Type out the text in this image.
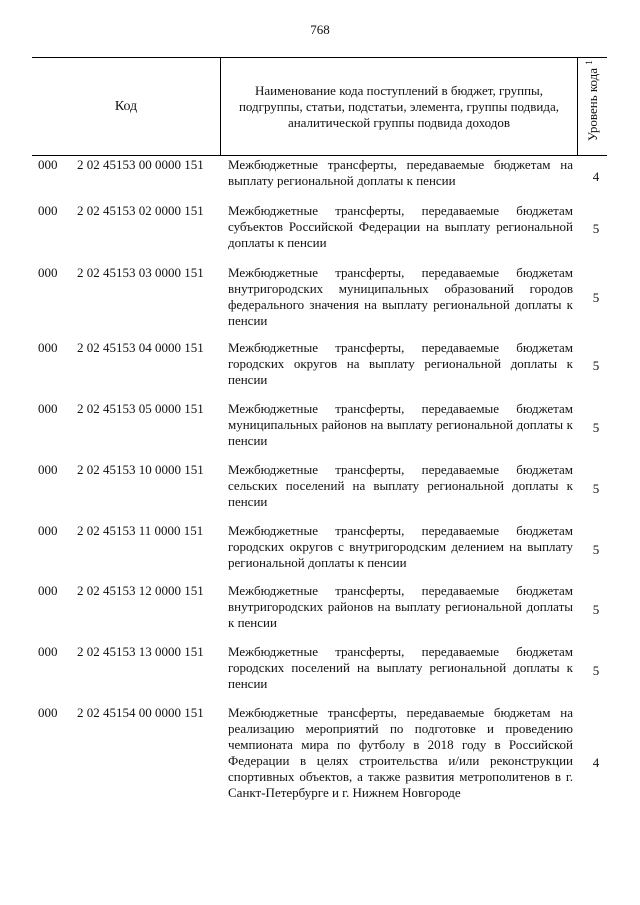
768
Код
Наименование кода поступлений в бюджет, группы, подгруппы, статьи, подстатьи, элемента, группы подвида, аналитической группы подвида доходов	Уровень кода $^1$
000 2 02 45153 00 0000 151 Межбюджетные трансферты, передаваемые бюджетам на выплату региональной доплаты к пенсии	4
000 2 02 45153 02 0000 151 Межбюджетные трансферты, передаваемые бюджетам субъектов Российской Федерации на выплату региональной доплаты к пенсии
5
000 2 02 45153 03 0000 151 Межбюджетные трансферты, передаваемые бюджетам внутригородских муниципальных образований городов федерального значения на выплату региональной доплаты к пенсии
5
000 2 02 45153 04 0000 151 Межбюджетные трансферты, передаваемые бюджетам городских округов на выплату региональной доплаты к пенсии
5
000 2 02 45153 05 0000 151 Межбюджетные трансферты, передаваемые бюджетам муниципальных районов на выплату региональной доплаты к пенсии
5
000 2 02 45153 10 0000 151 Межбюджетные трансферты, передаваемые бюджетам сельских поселений на выплату региональной доплаты к пенсии
5
000 2 02 45153 11 0000 151 Межбюджетные трансферты, передаваемые бюджетам городских округов с внутригородским делением на выплату региональной доплаты к пенсии
5
000 2 02 45153 12 0000 151 Межбюджетные трансферты, передаваемые бюджетам внутригородских районов на выплату региональной доплаты к пенсии
5
000 2 02 45153 13 0000 151 Межбюджетные трансферты, передаваемые бюджетам городских поселений на выплату региональной доплаты к пенсии
5
000 2 02 45154 00 0000 151 Межбюджетные трансферты, передаваемые бюджетам на реализацию мероприятий по подготовке и проведению чемпионата мира по футболу в 2018 году в Российской Федерации в целях строительства и/или реконструкции спортивных объектов, а также развития метрополитенов в г. Санкт-Петербурге и г. Нижнем Новгороде
4
